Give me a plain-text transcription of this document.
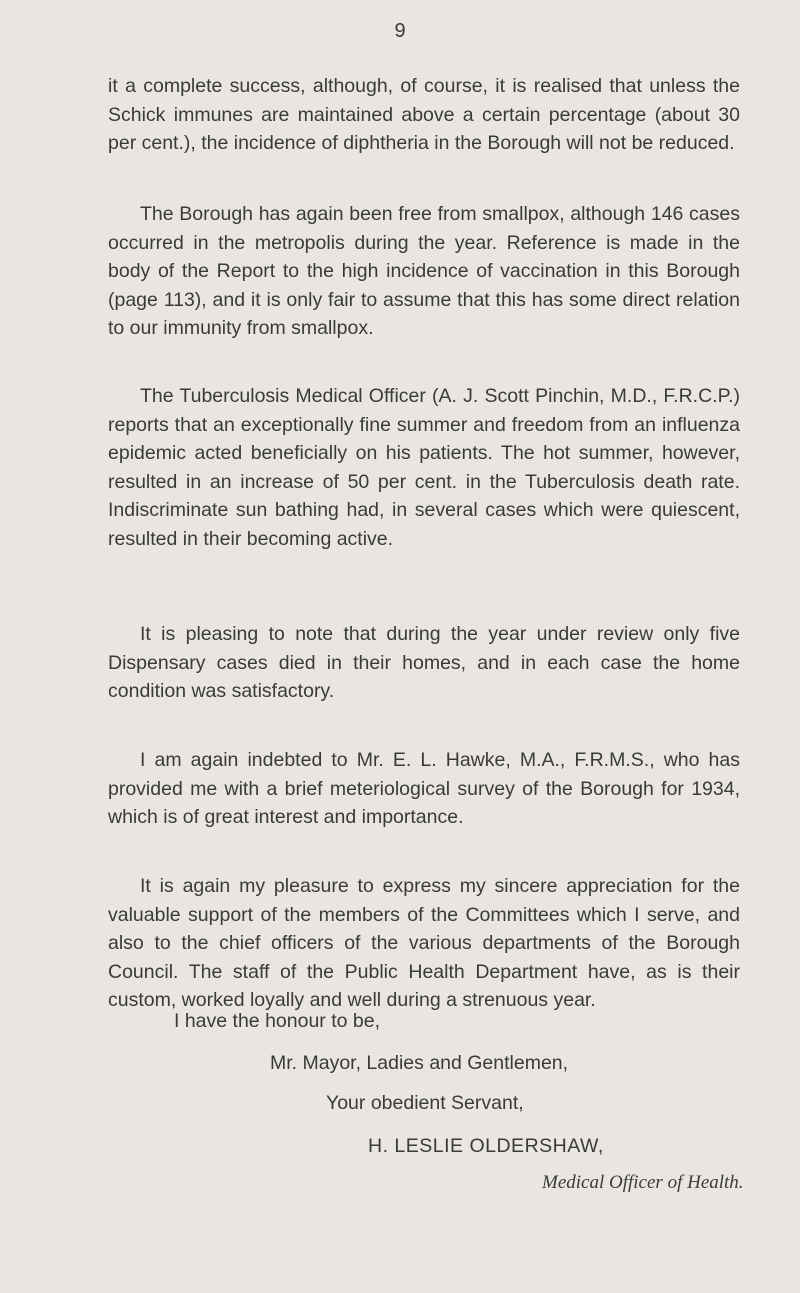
9

it a complete success, although, of course, it is realised that unless the Schick immunes are maintained above a certain percentage (about 30 per cent.), the incidence of diphtheria in the Borough will not be reduced.

The Borough has again been free from smallpox, although 146 cases occurred in the metropolis during the year. Reference is made in the body of the Report to the high incidence of vaccination in this Borough (page 113), and it is only fair to assume that this has some direct relation to our immunity from smallpox.

The Tuberculosis Medical Officer (A. J. Scott Pinchin, M.D., F.R.C.P.) reports that an exceptionally fine summer and freedom from an influenza epidemic acted beneficially on his patients. The hot summer, however, resulted in an increase of 50 per cent. in the Tuberculosis death rate. Indiscriminate sun bathing had, in several cases which were quiescent, resulted in their becoming active.

It is pleasing to note that during the year under review only five Dispensary cases died in their homes, and in each case the home condition was satisfactory.

I am again indebted to Mr. E. L. Hawke, M.A., F.R.M.S., who has provided me with a brief meteriological survey of the Borough for 1934, which is of great interest and importance.

It is again my pleasure to express my sincere appreciation for the valuable support of the members of the Committees which I serve, and also to the chief officers of the various departments of the Borough Council. The staff of the Public Health Department have, as is their custom, worked loyally and well during a strenuous year.

I have the honour to be,
Mr. Mayor, Ladies and Gentlemen,
Your obedient Servant,
H. LESLIE OLDERSHAW,
Medical Officer of Health.
